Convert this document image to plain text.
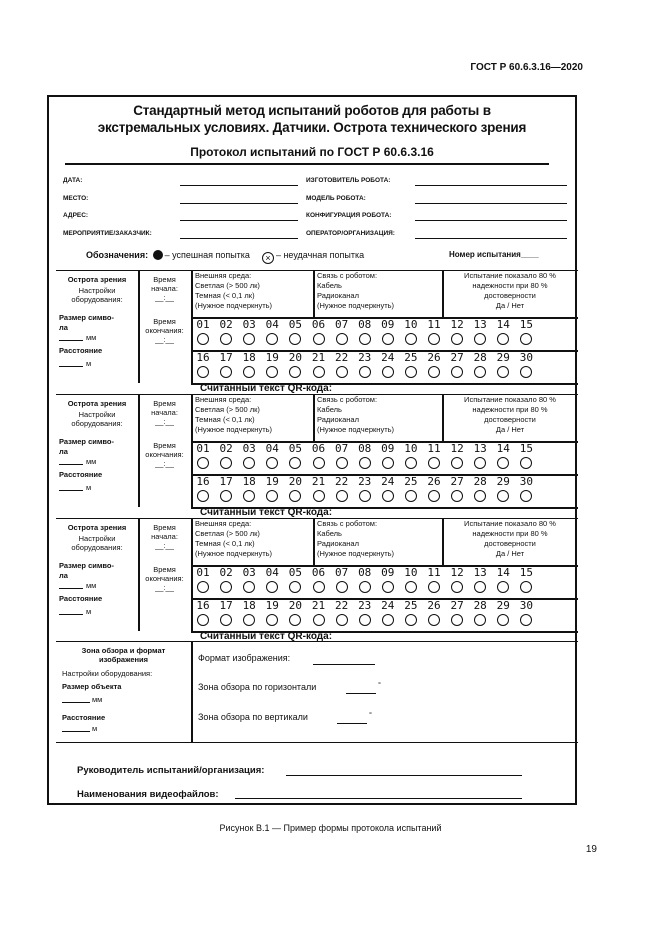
ГОСТ Р 60.6.3.16—2020
Стандартный метод испытаний роботов для работы в
экстремальных условиях. Датчики. Острота технического зрения
Протокол испытаний по ГОСТ Р 60.6.3.16
ДАТА:
МЕСТО:
АДРЕС:
МЕРОПРИЯТИЕ/ЗАКАЗЧИК:
ИЗГОТОВИТЕЛЬ РОБОТА:
МОДЕЛЬ РОБОТА:
КОНФИГУРАЦИЯ РОБОТА:
ОПЕРАТОР/ОРГАНИЗАЦИЯ:
Обозначения: – успешная попытка × – неудачная попытка	Номер испытания____
Острота зрения
Настройки
оборудования:
Размер симво-
ла
мм
Расстояние
м
Время
начала:
__:__
Время
окончания:
__:__
Внешняя среда:
Светлая (> 500 лк)
Темная (< 0,1 лк)
(Нужное подчеркнуть)
Связь с роботом:
Кабель
Радиоканал
(Нужное подчеркнуть)
Испытание показало 80 %
надежности при 80 %
достоверности
Да / Нет
01 02 03 04 05 06 07 08 09 10 11 12 13 14 15
16 17 18 19 20 21 22 23 24 25 26 27 28 29 30
Считанный текст QR-кода:
Острота зрения
Настройки
оборудования:
Размер симво-
ла
мм
Расстояние
м
Время
начала:
__:__
Время
окончания:
__:__
Внешняя среда:
Светлая (> 500 лк)
Темная (< 0,1 лк)
(Нужное подчеркнуть)
Связь с роботом:
Кабель
Радиоканал
(Нужное подчеркнуть)
Испытание показало 80 %
надежности при 80 %
достоверности
Да / Нет
01 02 03 04 05 06 07 08 09 10 11 12 13 14 15
16 17 18 19 20 21 22 23 24 25 26 27 28 29 30
Считанный текст QR-кода:
Острота зрения
Настройки
оборудования:
Размер симво-
ла
мм
Расстояние
м
Время
начала:
__:__
Время
окончания:
__:__
Внешняя среда:
Светлая (> 500 лк)
Темная (< 0,1 лк)
(Нужное подчеркнуть)
Связь с роботом:
Кабель
Радиоканал
(Нужное подчеркнуть)
Испытание показало 80 %
надежности при 80 %
достоверности
Да / Нет
01 02 03 04 05 06 07 08 09 10 11 12 13 14 15
16 17 18 19 20 21 22 23 24 25 26 27 28 29 30
Считанный текст QR-кода:
Зона обзора и формат
изображения
Настройки оборудования:
Размер объекта
мм
Расстояние
м
Формат изображения:
Зона обзора по горизонтали	°
Зона обзора по вертикали	°
Руководитель испытаний/организация:
Наименования видеофайлов:
Рисунок В.1 — Пример формы протокола испытаний
19
